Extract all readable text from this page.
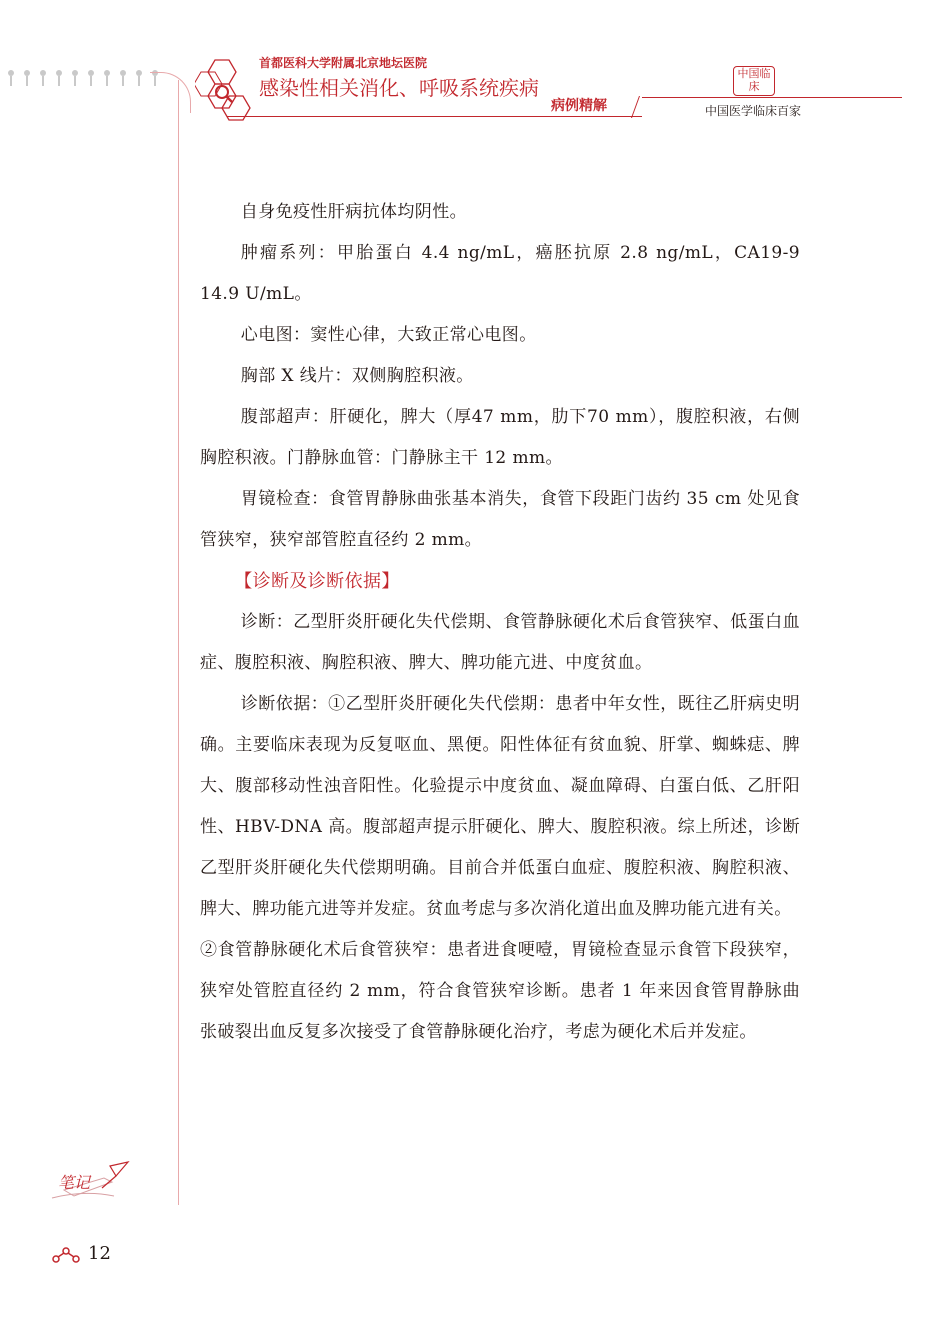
首都医科大学附属北京地坛医院
感染性相关消化、呼吸系统疾病
病例精解
中国临床
中国医学临床百家

自身免疫性肝病抗体均阴性。

肿瘤系列：甲胎蛋白 4.4 ng/mL，癌胚抗原 2.8 ng/mL，CA19-9 14.9 U/mL。

心电图：窦性心律，大致正常心电图。

胸部 X 线片：双侧胸腔积液。

腹部超声：肝硬化，脾大（厚47 mm，肋下70 mm），腹腔积液，右侧胸腔积液。门静脉血管：门静脉主干 12 mm。

胃镜检查：食管胃静脉曲张基本消失，食管下段距门齿约 35 cm 处见食管狭窄，狭窄部管腔直径约 2 mm。

【诊断及诊断依据】

诊断：乙型肝炎肝硬化失代偿期、食管静脉硬化术后食管狭窄、低蛋白血症、腹腔积液、胸腔积液、脾大、脾功能亢进、中度贫血。

诊断依据：①乙型肝炎肝硬化失代偿期：患者中年女性，既往乙肝病史明确。主要临床表现为反复呕血、黑便。阳性体征有贫血貌、肝掌、蜘蛛痣、脾大、腹部移动性浊音阳性。化验提示中度贫血、凝血障碍、白蛋白低、乙肝阳性、HBV-DNA 高。腹部超声提示肝硬化、脾大、腹腔积液。综上所述，诊断乙型肝炎肝硬化失代偿期明确。目前合并低蛋白血症、腹腔积液、胸腔积液、脾大、脾功能亢进等并发症。贫血考虑与多次消化道出血及脾功能亢进有关。

②食管静脉硬化术后食管狭窄：患者进食哽噎，胃镜检查显示食管下段狭窄，狭窄处管腔直径约 2 mm，符合食管狭窄诊断。患者 1 年来因食管胃静脉曲张破裂出血反复多次接受了食管静脉硬化治疗，考虑为硬化术后并发症。

笔记
12
